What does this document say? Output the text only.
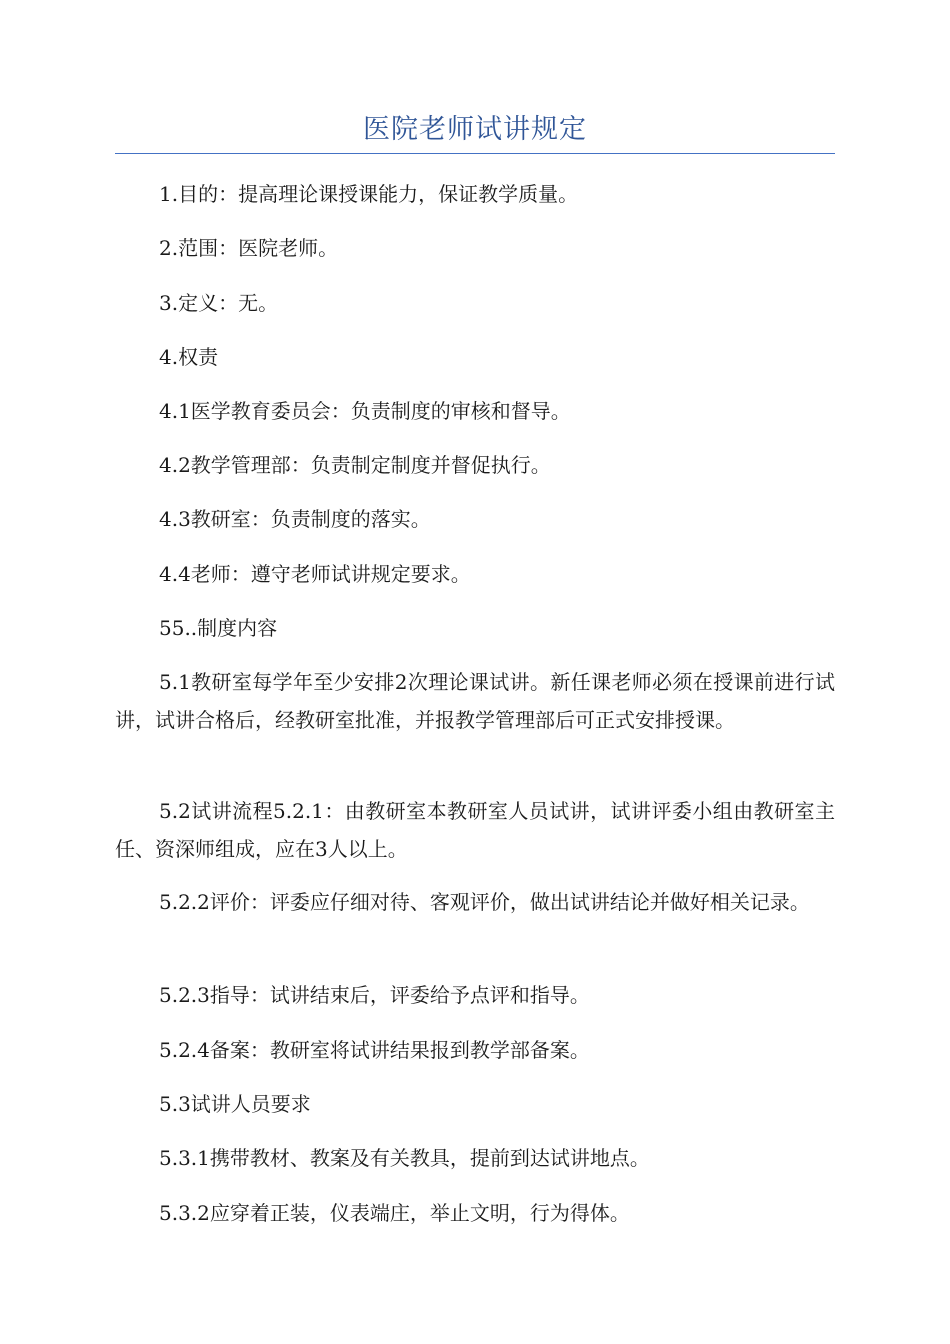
医院老师试讲规定

1.目的：提高理论课授课能力，保证教学质量。

2.范围：医院老师。

3.定义：无。

4.权责

4.1医学教育委员会：负责制度的审核和督导。

4.2教学管理部：负责制定制度并督促执行。

4.3教研室：负责制度的落实。

4.4老师：遵守老师试讲规定要求。

55..制度内容

5.1教研室每学年至少安排2次理论课试讲。新任课老师必须在授课前进行试讲，试讲合格后，经教研室批准，并报教学管理部后可正式安排授课。

5.2试讲流程5.2.1：由教研室本教研室人员试讲，试讲评委小组由教研室主任、资深师组成，应在3人以上。

5.2.2评价：评委应仔细对待、客观评价，做出试讲结论并做好相关记录。

5.2.3指导：试讲结束后，评委给予点评和指导。

5.2.4备案：教研室将试讲结果报到教学部备案。

5.3试讲人员要求

5.3.1携带教材、教案及有关教具，提前到达试讲地点。

5.3.2应穿着正装，仪表端庄，举止文明，行为得体。
